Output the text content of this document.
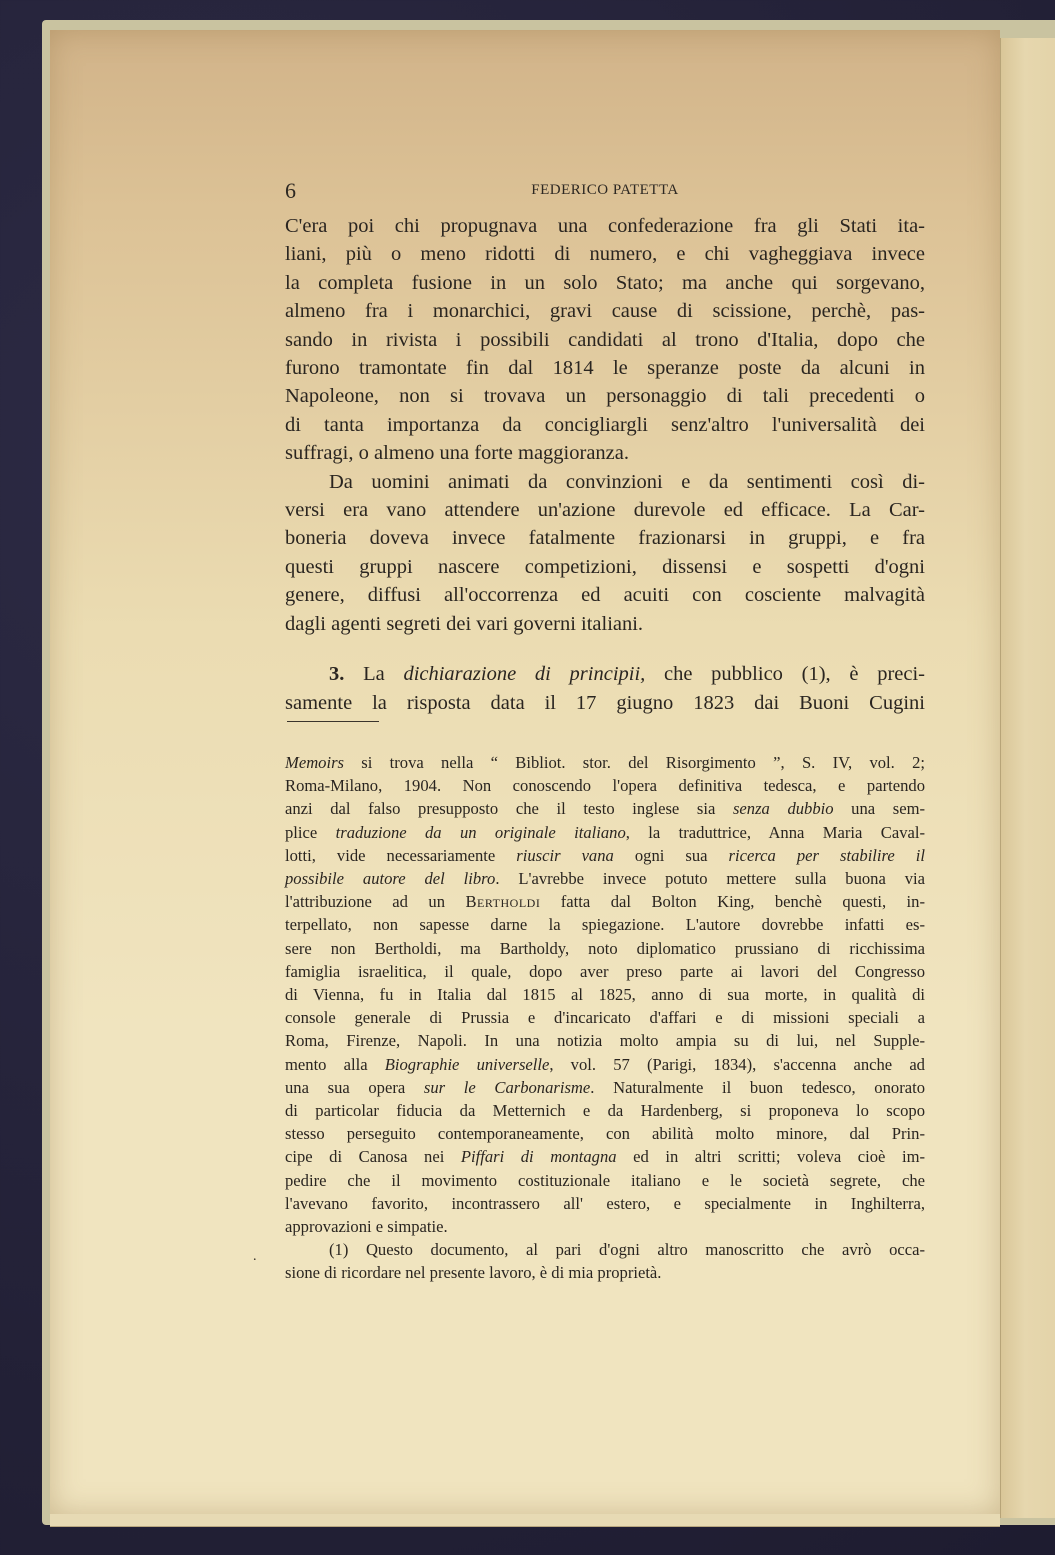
6	FEDERICO PATETTA

C'era poi chi propugnava una confederazione fra gli Stati ita-
liani, più o meno ridotti di numero, e chi vagheggiava invece
la completa fusione in un solo Stato; ma anche qui sorgevano,
almeno fra i monarchici, gravi cause di scissione, perchè, pas-
sando in rivista i possibili candidati al trono d'Italia, dopo che
furono tramontate fin dal 1814 le speranze poste da alcuni in
Napoleone, non si trovava un personaggio di tali precedenti o
di tanta importanza da concigliargli senz'altro l'universalità dei
suffragi, o almeno una forte maggioranza.

Da uomini animati da convinzioni e da sentimenti così di-
versi era vano attendere un'azione durevole ed efficace. La Car-
boneria doveva invece fatalmente frazionarsi in gruppi, e fra
questi gruppi nascere competizioni, dissensi e sospetti d'ogni
genere, diffusi all'occorrenza ed acuiti con cosciente malvagità
dagli agenti segreti dei vari governi italiani.

3. La dichiarazione di principii, che pubblico (1), è preci-
samente la risposta data il 17 giugno 1823 dai Buoni Cugini

Memoirs si trova nella “ Bibliot. stor. del Risorgimento ”, S. IV, vol. 2;
Roma-Milano, 1904. Non conoscendo l'opera definitiva tedesca, e partendo
anzi dal falso presupposto che il testo inglese sia senza dubbio una sem-
plice traduzione da un originale italiano, la traduttrice, Anna Maria Caval-
lotti, vide necessariamente riuscir vana ogni sua ricerca per stabilire il
possibile autore del libro. L'avrebbe invece potuto mettere sulla buona via
l'attribuzione ad un Bertholdi fatta dal Bolton King, benchè questi, in-
terpellato, non sapesse darne la spiegazione. L'autore dovrebbe infatti es-
sere non Bertholdi, ma Bartholdy, noto diplomatico prussiano di ricchissima
famiglia israelitica, il quale, dopo aver preso parte ai lavori del Congresso
di Vienna, fu in Italia dal 1815 al 1825, anno di sua morte, in qualità di
console generale di Prussia e d'incaricato d'affari e di missioni speciali a
Roma, Firenze, Napoli. In una notizia molto ampia su di lui, nel Supple-
mento alla Biographie universelle, vol. 57 (Parigi, 1834), s'accenna anche ad
una sua opera sur le Carbonarisme. Naturalmente il buon tedesco, onorato
di particolar fiducia da Metternich e da Hardenberg, si proponeva lo scopo
stesso perseguito contemporaneamente, con abilità molto minore, dal Prin-
cipe di Canosa nei Piffari di montagna ed in altri scritti; voleva cioè im-
pedire che il movimento costituzionale italiano e le società segrete, che
l'avevano favorito, incontrassero all' estero, e specialmente in Inghilterra,
approvazioni e simpatie.
(1) Questo documento, al pari d'ogni altro manoscritto che avrò occa-
sione di ricordare nel presente lavoro, è di mia proprietà.
.
